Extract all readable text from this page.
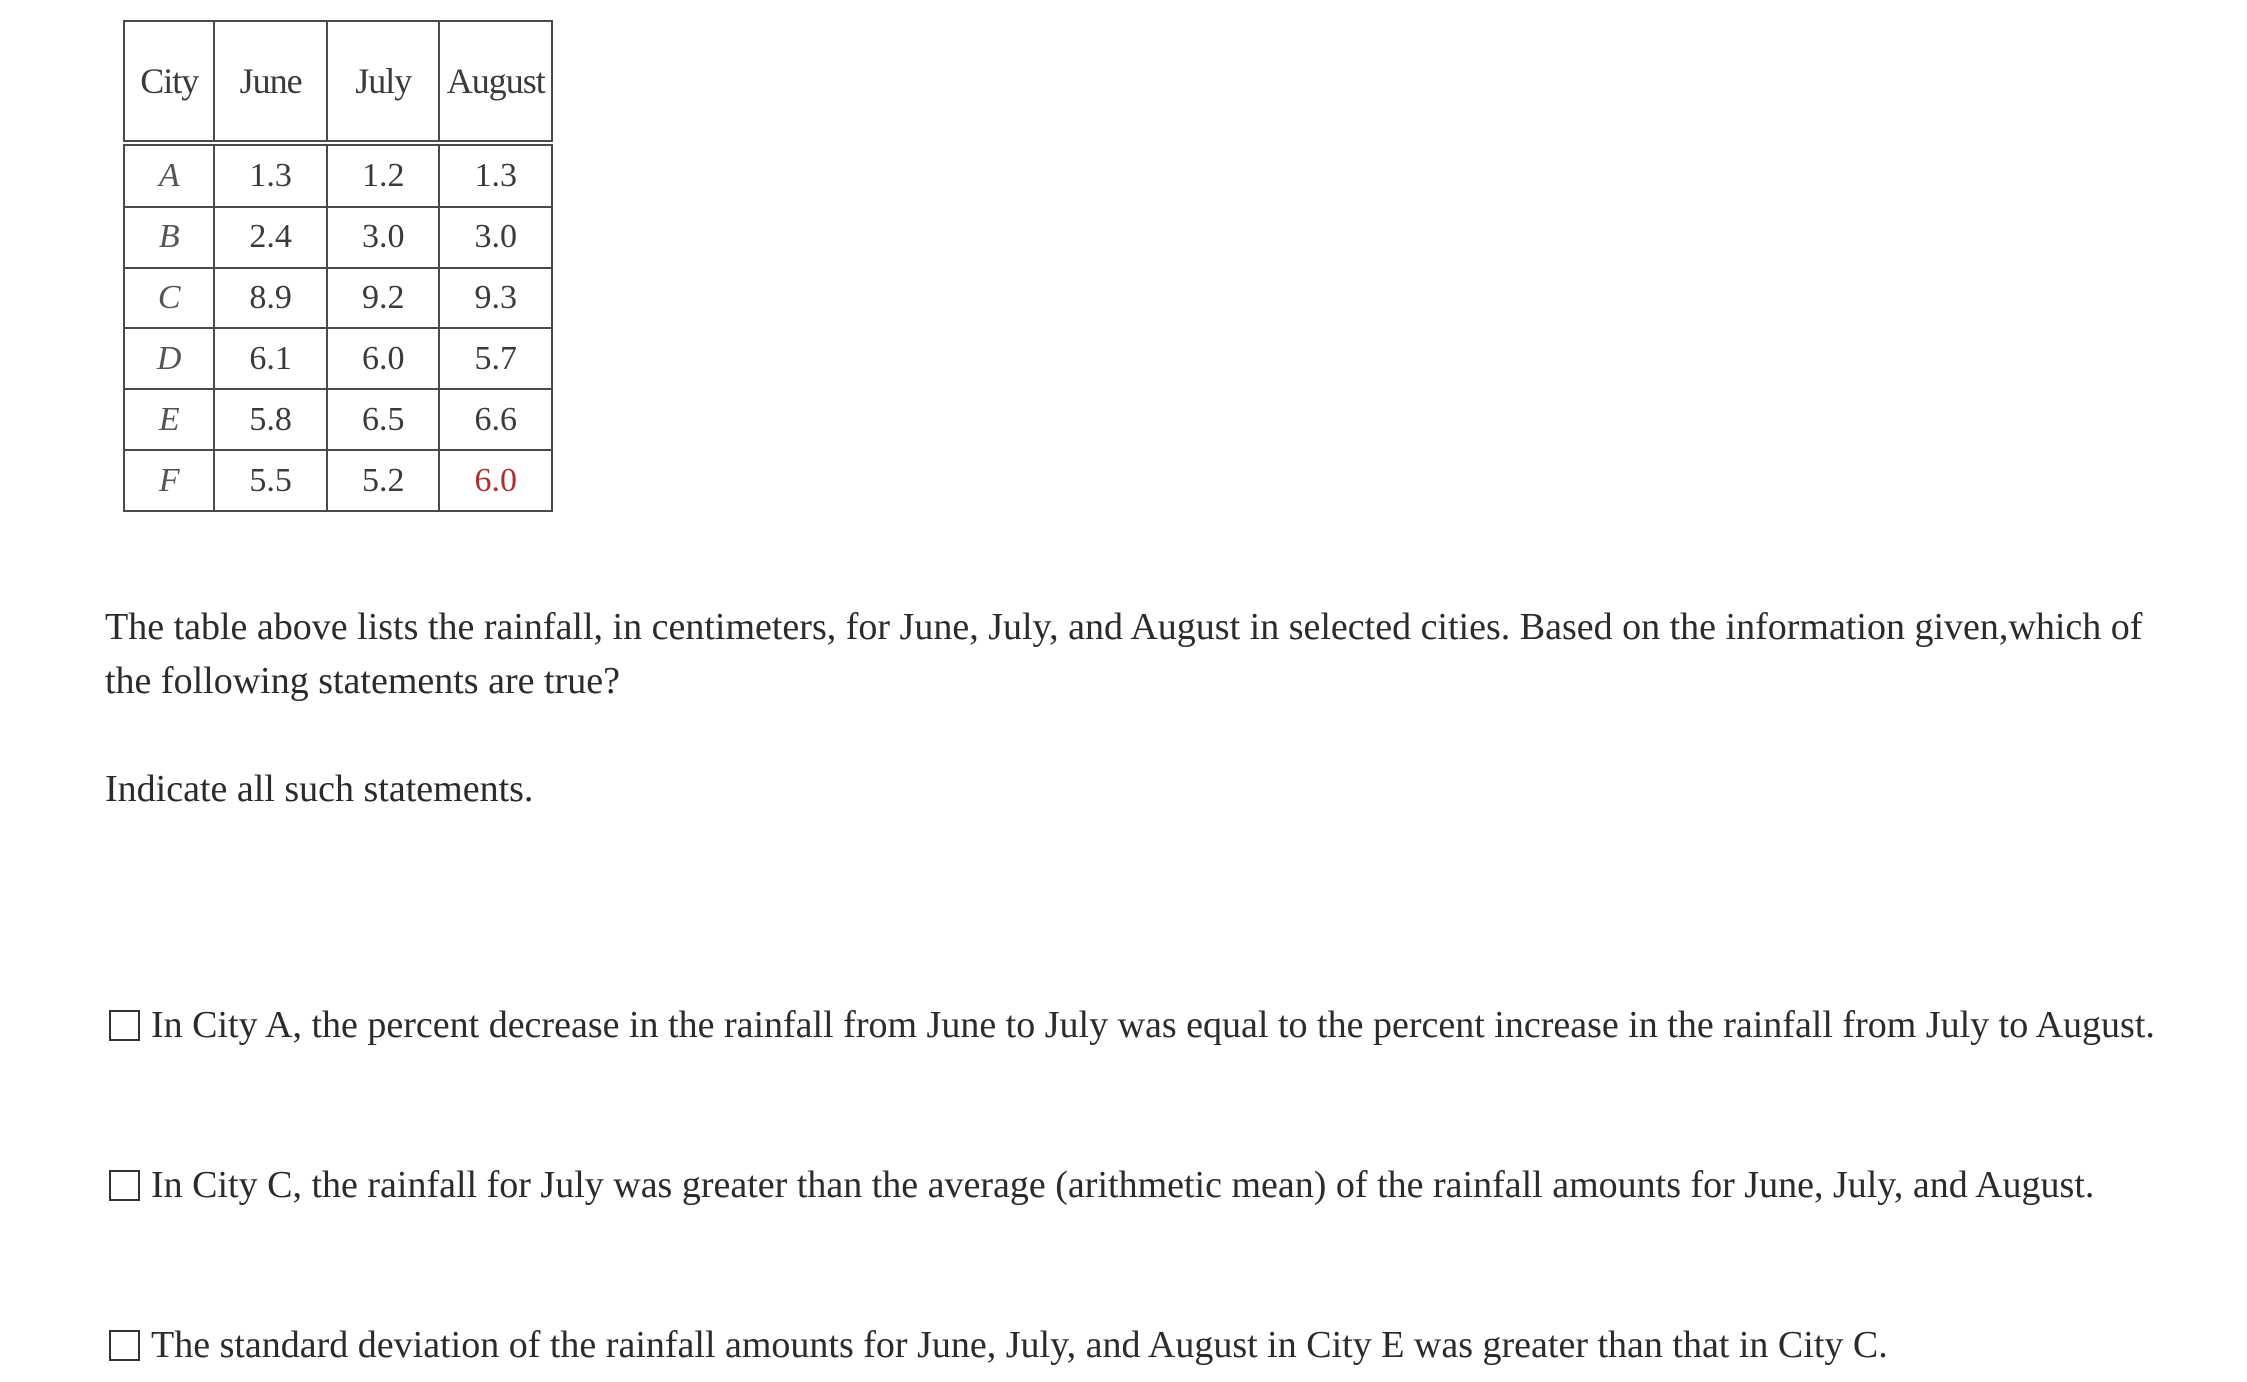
City	June	July	August
A	1.3	1.2	1.3
B	2.4	3.0	3.0
C	8.9	9.2	9.3
D	6.1	6.0	5.7
E	5.8	6.5	6.6
F	5.5	5.2	6.0
The table above lists the rainfall, in centimeters, for June, July, and August in selected cities. Based on the information given,which of the following statements are true?
Indicate all such statements.
In City A, the percent decrease in the rainfall from June to July was equal to the percent increase in the rainfall from July to August.
In City C, the rainfall for July was greater than the average (arithmetic mean) of the rainfall amounts for June, July, and August.
The standard deviation of the rainfall amounts for June, July, and August in City E was greater than that in City C.
